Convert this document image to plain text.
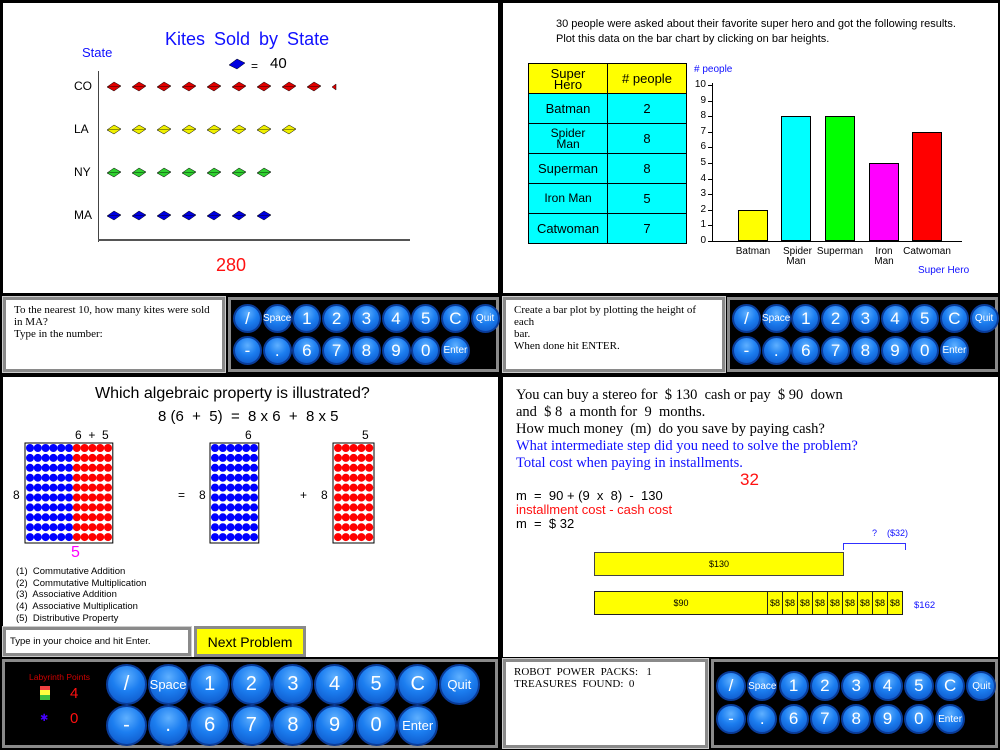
Kites Sold by State
State
= 40
CO
LA
NY
MA
280
To the nearest 10, how many kites were sold
in MA?
Type in the number:
/	Space 1	2	3	4	5	C	Quit
-	.	6	7	8	9	0	Enter
30 people were asked about their favorite super hero and got the following results.
Plot this data on the bar chart by clicking on bar heights.
Super Hero	# people
Batman	2
Spider Man	8
Superman	8
Iron Man	5
Catwoman	7
# people
Super Hero
0
1
2
3
4
5
6
7
8
9
10
Batman	Spider Man
Superman	Iron Man
Catwoman
Create a bar plot by plotting the height of each
bar.
When done hit ENTER.
/	Space 1	2	3	4	5	C	Quit
-	.	6	7	8	9	0	Enter
Which algebraic property is illustrated?
8 (6  +  5)  =  8 x 6  +  8 x 5
6  +  5	6	5
8	= 8	+ 8
5
(1)  Commutative Addition
(2)  Commutative Multiplication
(3)  Associative Addition
(4)  Associative Multiplication
(5)  Distributive Property
Type in your choice and hit Enter.	Next Problem
Labyrinth Points
4
✱ 0
/	Space 1	2	3	4	5	C	Quit
-	.	6	7	8	9	0	Enter
You can buy a stereo for  $ 130  cash or pay  $ 90  down
and  $ 8  a month for  9  months.
How much money  (m)  do you save by paying cash?
What intermediate step did you need to solve the problem?
Total cost when paying in installments.
32
m  =  90 + (9  x  8)  -  130
installment cost - cash cost
m  =  $ 32
?    ($32)
$130
$90	$8 $8 $8 $8 $8 $8 $8 $8 $8	$162
ROBOT  POWER  PACKS:   1
TREASURES  FOUND:  0	/	Space 1	2	3	4	5	C	Quit
-	.	6	7	8	9	0	Enter
